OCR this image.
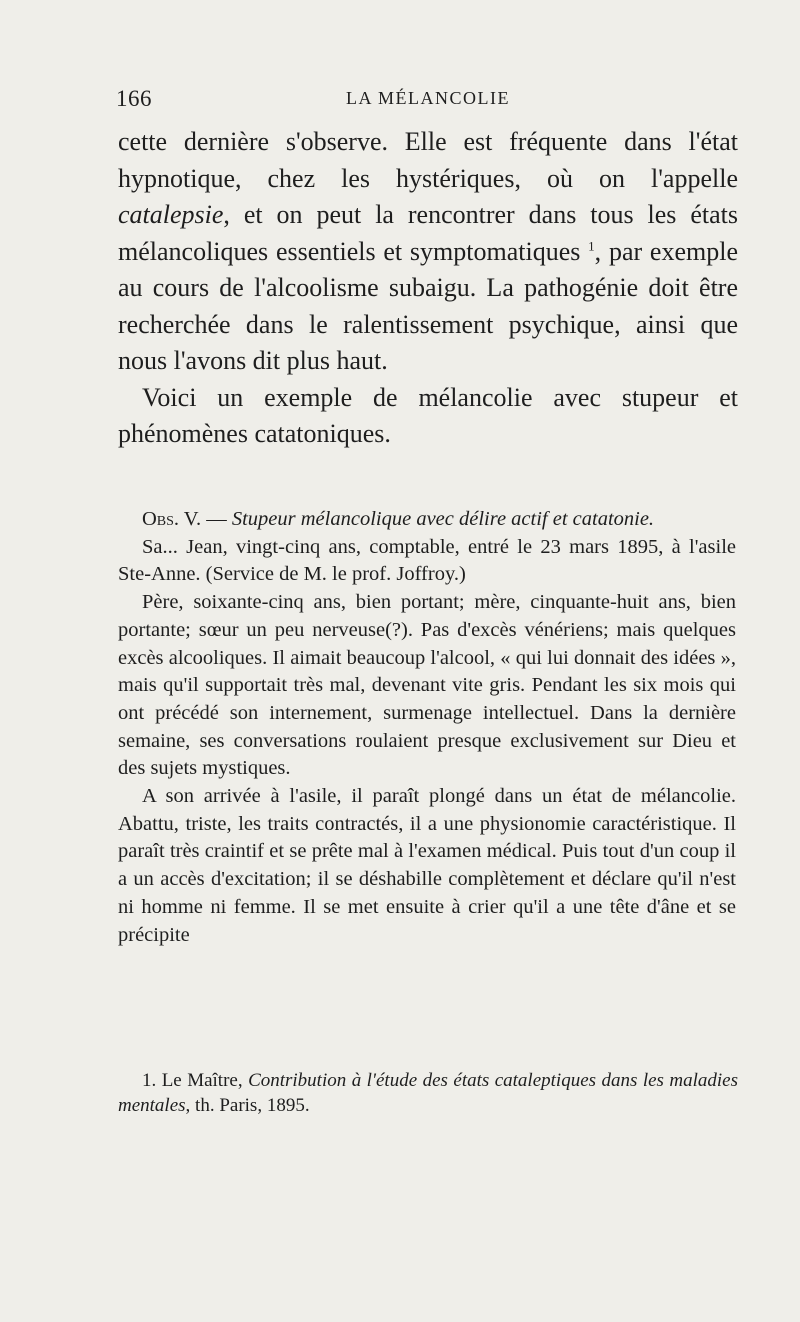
166	LA MÉLANCOLIE

cette dernière s'observe. Elle est fréquente dans l'état hypnotique, chez les hystériques, où on l'appelle catalepsie, et on peut la rencontrer dans tous les états mélancoliques essentiels et symptomatiques $^1$, par exemple au cours de l'alcoolisme subaigu. La pathogénie doit être recherchée dans le ralentissement psychique, ainsi que nous l'avons dit plus haut.

Voici un exemple de mélancolie avec stupeur et phénomènes catatoniques.

Obs. V. — Stupeur mélancolique avec délire actif et catatonie.

Sa... Jean, vingt-cinq ans, comptable, entré le 23 mars 1895, à l'asile Ste-Anne. (Service de M. le prof. Joffroy.)

Père, soixante-cinq ans, bien portant; mère, cinquante-huit ans, bien portante; sœur un peu nerveuse(?). Pas d'excès vénériens; mais quelques excès alcooliques. Il aimait beaucoup l'alcool, « qui lui donnait des idées », mais qu'il supportait très mal, devenant vite gris. Pendant les six mois qui ont précédé son internement, surmenage intellectuel. Dans la dernière semaine, ses conversations roulaient presque exclusivement sur Dieu et des sujets mystiques.

A son arrivée à l'asile, il paraît plongé dans un état de mélancolie. Abattu, triste, les traits contractés, il a une physionomie caractéristique. Il paraît très craintif et se prête mal à l'examen médical. Puis tout d'un coup il a un accès d'excitation; il se déshabille complètement et déclare qu'il n'est ni homme ni femme. Il se met ensuite à crier qu'il a une tête d'âne et se précipite

1. Le Maître, Contribution à l'étude des états cataleptiques dans les maladies mentales, th. Paris, 1895.
